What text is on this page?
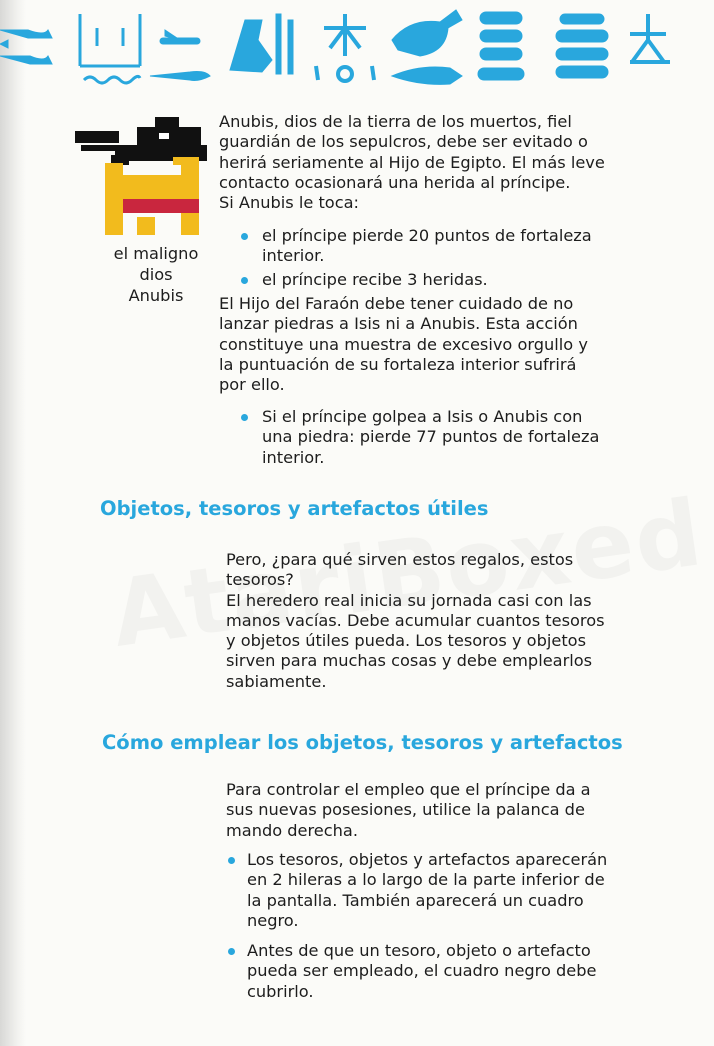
el maligno
dios
Anubis

Anubis, dios de la tierra de los muertos, fiel
guardián de los sepulcros, debe ser evitado o
herirá seriamente al Hijo de Egipto. El más leve
contacto ocasionará una herida al príncipe.
Si Anubis le toca:

el príncipe pierde 20 puntos de fortaleza
interior.

el príncipe recibe 3 heridas.

El Hijo del Faraón debe tener cuidado de no
lanzar piedras a Isis ni a Anubis. Esta acción
constituye una muestra de excesivo orgullo y
la puntuación de su fortaleza interior sufrirá
por ello.

Si el príncipe golpea a Isis o Anubis con
una piedra: pierde 77 puntos de fortaleza
interior.

Objetos, tesoros y artefactos útiles

Pero, ¿para qué sirven estos regalos, estos
tesoros?
El heredero real inicia su jornada casi con las
manos vacías. Debe acumular cuantos tesoros
y objetos útiles pueda. Los tesoros y objetos
sirven para muchas cosas y debe emplearlos
sabiamente.

Cómo emplear los objetos, tesoros y artefactos

Para controlar el empleo que el príncipe da a
sus nuevas posesiones, utilice la palanca de
mando derecha.

Los tesoros, objetos y artefactos aparecerán
en 2 hileras a lo largo de la parte inferior de
la pantalla. También aparecerá un cuadro
negro.

Antes de que un tesoro, objeto o artefacto
pueda ser empleado, el cuadro negro debe
cubrirlo.
